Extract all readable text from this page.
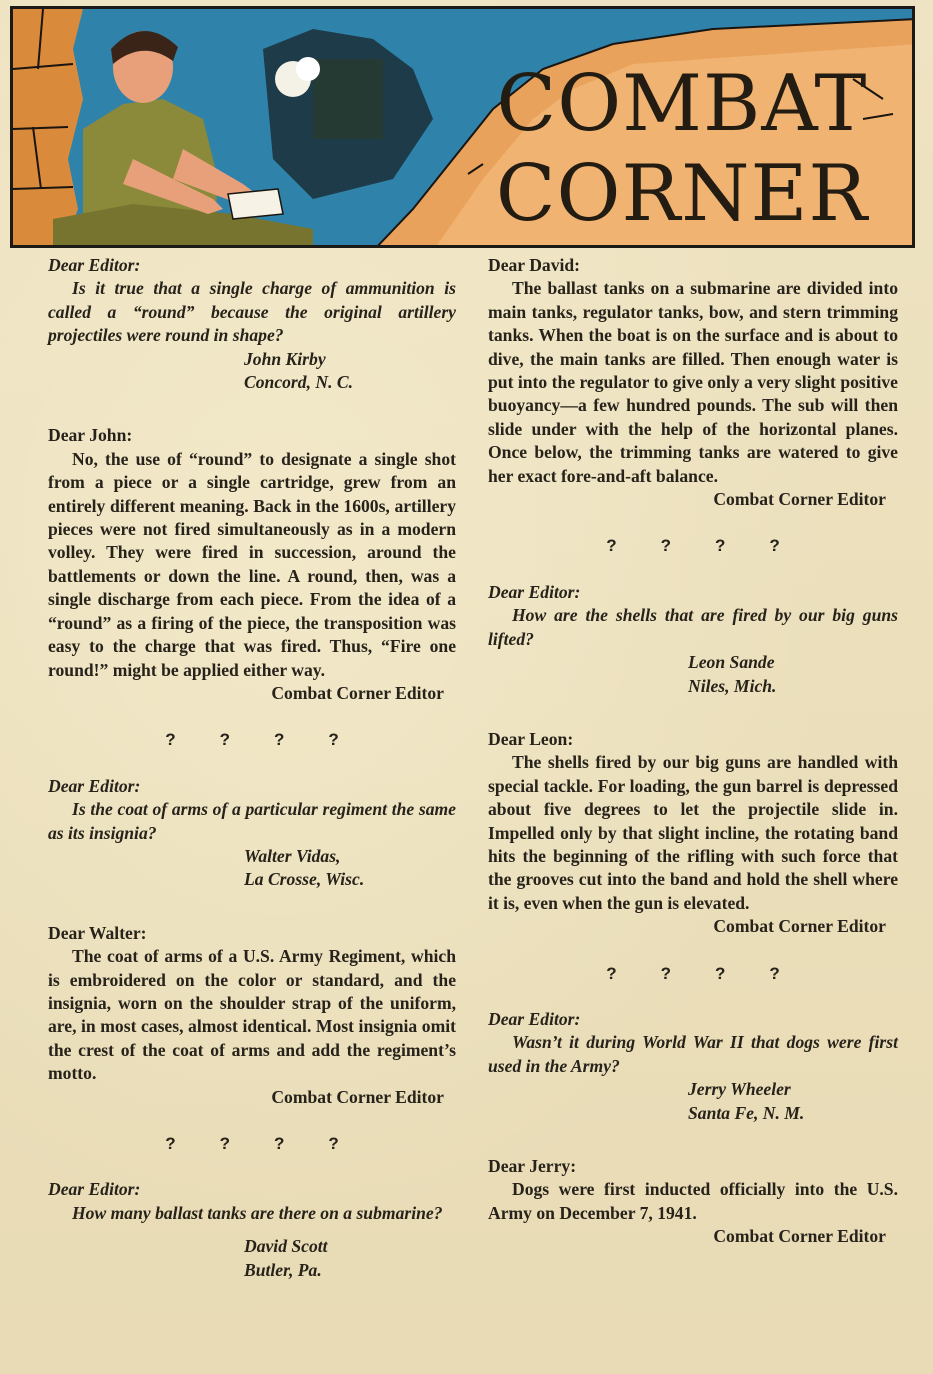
COMBAT
CORNER

Dear Editor:

Is it true that a single charge of ammunition is called a “round” because the original artillery projectiles were round in shape?

John Kirby

Concord, N. C.

Dear John:

No, the use of “round” to designate a single shot from a piece or a single cartridge, grew from an entirely different meaning. Back in the 1600s, artillery pieces were not fired simultaneously as in a modern volley. They were fired in succession, around the battlements or down the line. A round, then, was a single discharge from each piece. From the idea of a “round” as a firing of the piece, the transposition was easy to the charge that was fired. Thus, “Fire one round!” might be applied either way.

Combat Corner Editor

?	?	?	?

Dear Editor:

Is the coat of arms of a particular regiment the same as its insignia?

Walter Vidas,

La Crosse, Wisc.

Dear Walter:

The coat of arms of a U.S. Army Regiment, which is embroidered on the color or standard, and the insignia, worn on the shoulder strap of the uniform, are, in most cases, almost identical. Most insignia omit the crest of the coat of arms and add the regiment’s motto.

Combat Corner Editor

?	?	?	?

Dear Editor:

How many ballast tanks are there on a submarine?

David Scott

Butler, Pa.

Dear David:

The ballast tanks on a submarine are divided into main tanks, regulator tanks, bow, and stern trimming tanks. When the boat is on the surface and is about to dive, the main tanks are filled. Then enough water is put into the regulator to give only a very slight positive buoyancy—a few hundred pounds. The sub will then slide under with the help of the horizontal planes. Once below, the trimming tanks are watered to give her exact fore-and-aft balance.

Combat Corner Editor

?	?	?	?

Dear Editor:

How are the shells that are fired by our big guns lifted?

Leon Sande

Niles, Mich.

Dear Leon:

The shells fired by our big guns are handled with special tackle. For loading, the gun barrel is depressed about five degrees to let the projectile slide in. Impelled only by that slight incline, the rotating band hits the beginning of the rifling with such force that the grooves cut into the band and hold the shell where it is, even when the gun is elevated.

Combat Corner Editor

?	?	?	?

Dear Editor:

Wasn’t it during World War II that dogs were first used in the Army?

Jerry Wheeler

Santa Fe, N. M.

Dear Jerry:

Dogs were first inducted officially into the U.S. Army on December 7, 1941.

Combat Corner Editor
